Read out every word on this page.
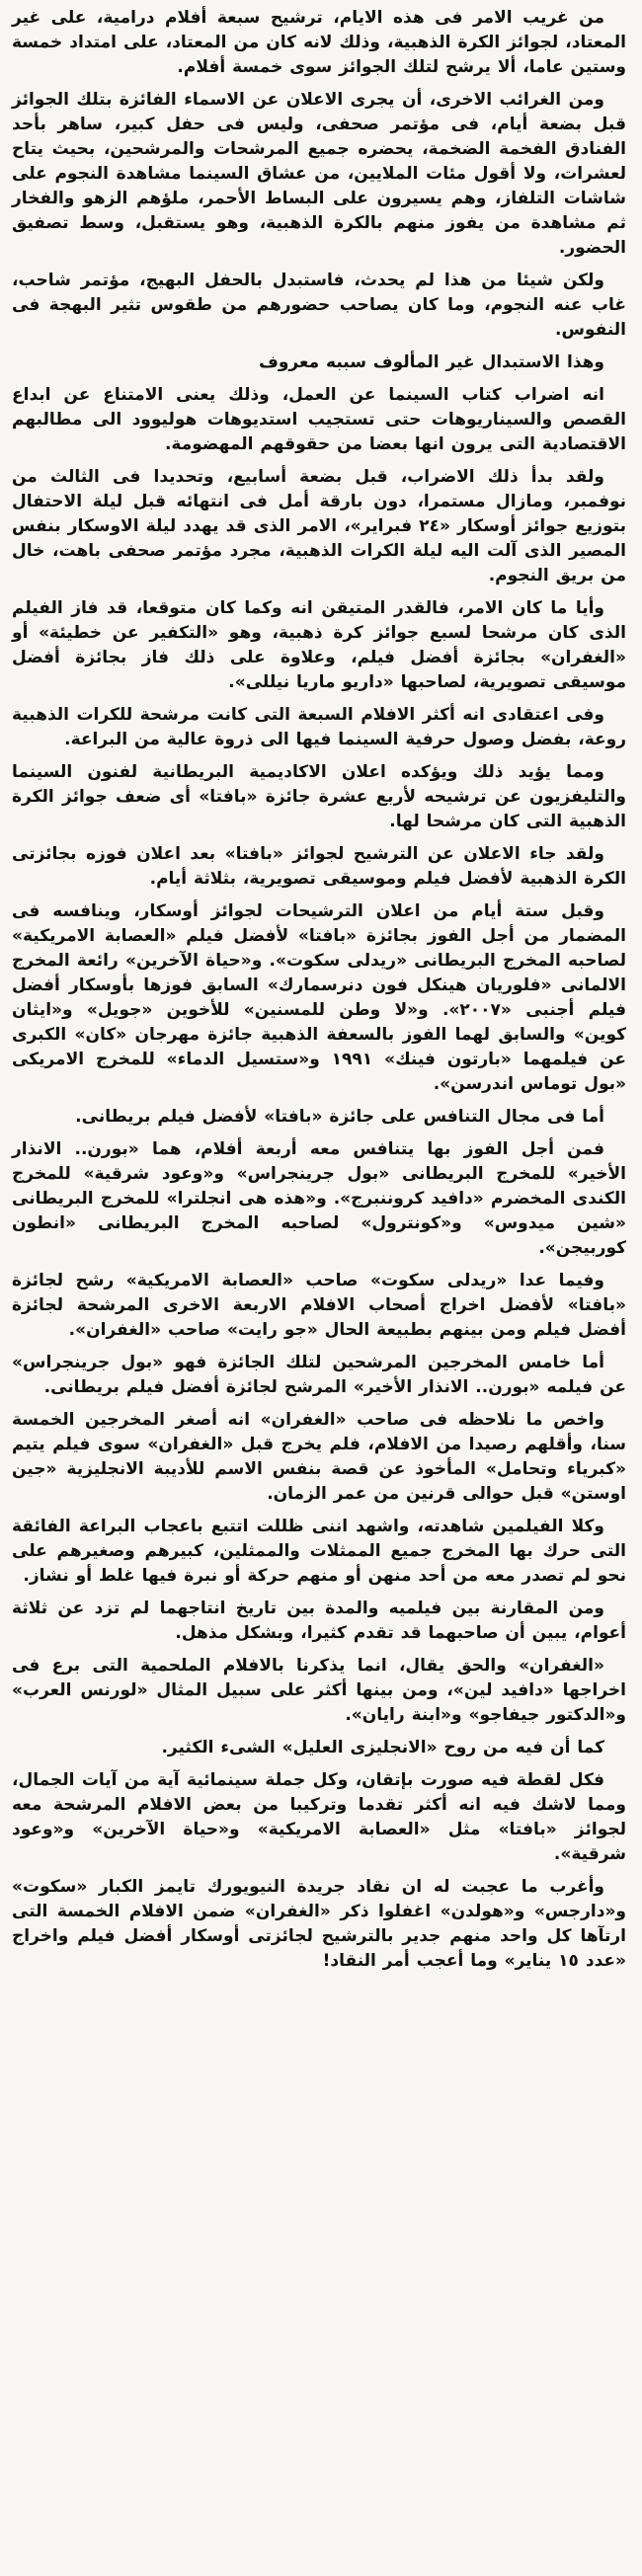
من غريب الامر فى هذه الايام، ترشيح سبعة أفلام درامية، على غير المعتاد، لجوائز الكرة الذهبية، وذلك لانه كان من المعتاد، على امتداد خمسة وستين عاما، ألا يرشح لتلك الجوائز سوى خمسة أفلام.

ومن الغرائب الاخرى، أن يجرى الاعلان عن الاسماء الفائزة بتلك الجوائز قبل بضعة أيام، فى مؤتمر صحفى، وليس فى حفل كبير، ساهر بأحد الفنادق الفخمة الضخمة، يحضره جميع المرشحات والمرشحين، بحيث يتاح لعشرات، ولا أقول مئات الملايين، من عشاق السينما مشاهدة النجوم على شاشات التلفاز، وهم يسيرون على البساط الأحمر، ملؤهم الزهو والفخار ثم مشاهدة من يفوز منهم بالكرة الذهبية، وهو يستقبل، وسط تصفيق الحضور.

ولكن شيئا من هذا لم يحدث، فاستبدل بالحفل البهيج، مؤتمر شاحب، غاب عنه النجوم، وما كان يصاحب حضورهم من طقوس تثير البهجة فى النفوس.

وهذا الاستبدال غير المألوف سببه معروف

انه اضراب كتاب السينما عن العمل، وذلك يعنى الامتناع عن ابداع القصص والسيناريوهات حتى تستجيب استديوهات هوليوود الى مطالبهم الاقتصادية التى يرون انها بعضا من حقوقهم المهضومة.

ولقد بدأ ذلك الاضراب، قبل بضعة أسابيع، وتحديدا فى الثالث من نوفمبر، ومازال مستمرا، دون بارقة أمل فى انتهائه قبل ليلة الاحتفال بتوزيع جوائز أوسكار «٢٤ فبراير»، الامر الذى قد يهدد ليلة الاوسكار بنفس المصير الذى آلت اليه ليلة الكرات الذهبية، مجرد مؤتمر صحفى باهت، خال من بريق النجوم.

وأيا ما كان الامر، فالقدر المتيقن انه وكما كان متوقعا، قد فاز الفيلم الذى كان مرشحا لسبع جوائز كرة ذهبية، وهو «التكفير عن خطيئة» أو «الغفران» بجائزة أفضل فيلم، وعلاوة على ذلك فاز بجائزة أفضل موسيقى تصويرية، لصاحبها «داريو ماريا نيللى».

وفى اعتقادى انه أكثر الافلام السبعة التى كانت مرشحة للكرات الذهبية روعة، بفضل وصول حرفية السينما فيها الى ذروة عالية من البراعة.

ومما يؤيد ذلك ويؤكده اعلان الاكاديمية البريطانية لفنون السينما والتليفزيون عن ترشيحه لأربع عشرة جائزة «بافتا» أى ضعف جوائز الكرة الذهبية التى كان مرشحا لها.

ولقد جاء الاعلان عن الترشيح لجوائز «بافتا» بعد اعلان فوزه بجائزتى الكرة الذهبية لأفضل فيلم وموسيقى تصويرية، بثلاثة أيام.

وقبل ستة أيام من اعلان الترشيحات لجوائز أوسكار، وينافسه فى المضمار من أجل الفوز بجائزة «بافتا» لأفضل فيلم «العصابة الامريكية» لصاحبه المخرج البريطانى «ريدلى سكوت». و«حياة الآخرين» رائعة المخرج الالمانى «فلوريان هينكل فون دنرسمارك» السابق فوزها بأوسكار أفضل فيلم أجنبى «٢٠٠٧». و«لا وطن للمسنين» للأخوين «جويل» و«ايثان كوين» والسابق لهما الفوز بالسعفة الذهبية جائزة مهرجان «كان» الكبرى عن فيلمهما «بارتون فينك» ١٩٩١ و«ستسيل الدماء» للمخرج الامريكى «بول توماس اندرسن».

أما فى مجال التنافس على جائزة «بافتا» لأفضل فيلم بريطانى.

فمن أجل الفوز بها يتنافس معه أربعة أفلام، هما «بورن.. الانذار الأخير» للمخرج البريطانى «بول جرينجراس» و«وعود شرقية» للمخرج الكندى المخضرم «دافيد كروننبرج». و«هذه هى انجلترا» للمخرج البريطانى «شين ميدوس» و«كونترول» لصاحبه المخرج البريطانى «انطون كوربيجن».

وفيما عدا «ريدلى سكوت» صاحب «العصابة الامريكية» رشح لجائزة «بافتا» لأفضل اخراج أصحاب الافلام الاربعة الاخرى المرشحة لجائزة أفضل فيلم ومن بينهم بطبيعة الحال «جو رايت» صاحب «الغفران».

أما خامس المخرجين المرشحين لتلك الجائزة فهو «بول جرينجراس» عن فيلمه «بورن.. الانذار الأخير» المرشح لجائزة أفضل فيلم بريطانى.

واخص ما نلاحظه فى صاحب «الغفران» انه أصغر المخرجين الخمسة سنا، وأقلهم رصيدا من الافلام، فلم يخرج قبل «الغفران» سوى فيلم يتيم «كبرياء وتحامل» المأخوذ عن قصة بنفس الاسم للأديبة الانجليزية «جين اوستن» قبل حوالى قرنين من عمر الزمان.

وكلا الفيلمين شاهدته، واشهد اننى ظللت اتتبع باعجاب البراعة الفائقة التى حرك بها المخرج جميع الممثلات والممثلين، كبيرهم وصغيرهم على نحو لم تصدر معه من أحد منهن أو منهم حركة أو نبرة فيها غلط أو نشاز.

ومن المقارنة بين فيلميه والمدة بين تاريخ انتاجهما لم تزد عن ثلاثة أعوام، يبين أن صاحبهما قد تقدم كثيرا، وبشكل مذهل.

«الغفران» والحق يقال، انما يذكرنا بالافلام الملحمية التى برع فى اخراجها «دافيد لين»، ومن بينها أكثر على سبيل المثال «لورنس العرب» و«الدكتور جيفاجو» و«ابنة رايان».

كما أن فيه من روح «الانجليزى العليل» الشىء الكثير.

فكل لقطة فيه صورت بإتقان، وكل جملة سينمائية آية من آيات الجمال، ومما لاشك فيه انه أكثر تقدما وتركيبا من بعض الافلام المرشحة معه لجوائز «بافتا» مثل «العصابة الامريكية» و«حياة الآخرين» و«وعود شرقية».

وأغرب ما عجبت له ان نقاد جريدة النيويورك تايمز الكبار «سكوت» و«دارجس» و«هولدن» اغفلوا ذكر «الغفران» ضمن الافلام الخمسة التى ارتآها كل واحد منهم جدير بالترشيح لجائزتى أوسكار أفضل فيلم واخراج «عدد ١٥ يناير» وما أعجب أمر النقاد!
